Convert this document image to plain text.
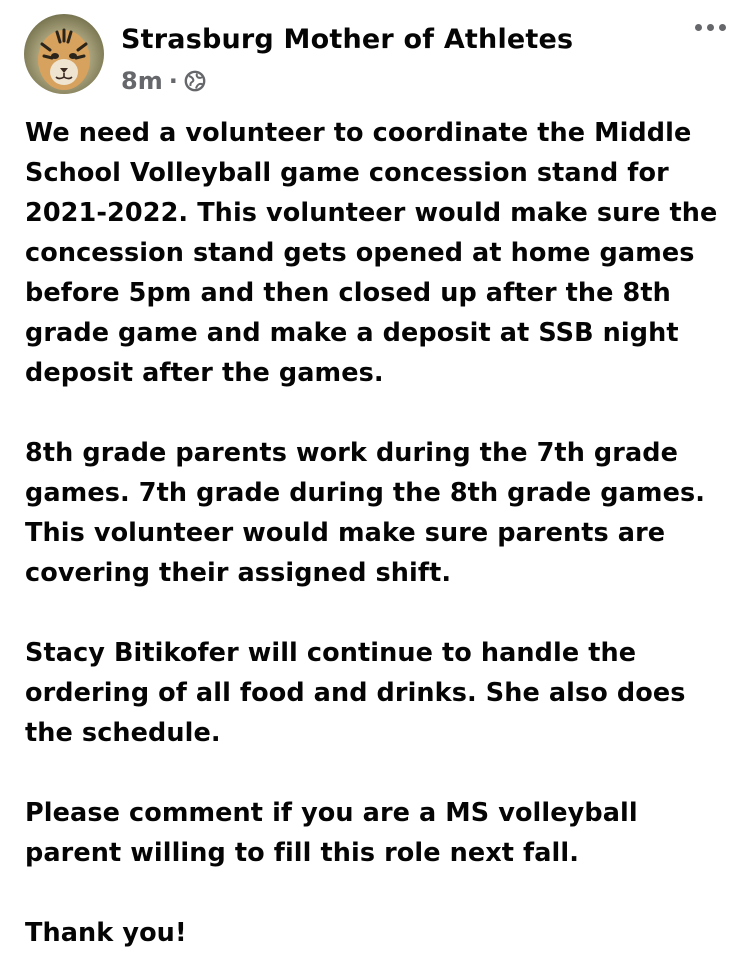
Strasburg Mother of Athletes
8m ·

We need a volunteer to coordinate the Middle School Volleyball game concession stand for 2021-2022. This volunteer would make sure the concession stand gets opened at home games before 5pm and then closed up after the 8th grade game and make a deposit at SSB night deposit after the games.

8th grade parents work during the 7th grade games. 7th grade during the 8th grade games. This volunteer would make sure parents are covering their assigned shift.

Stacy Bitikofer will continue to handle the ordering of all food and drinks. She also does the schedule.

Please comment if you are a MS volleyball parent willing to fill this role next fall.

Thank you!
